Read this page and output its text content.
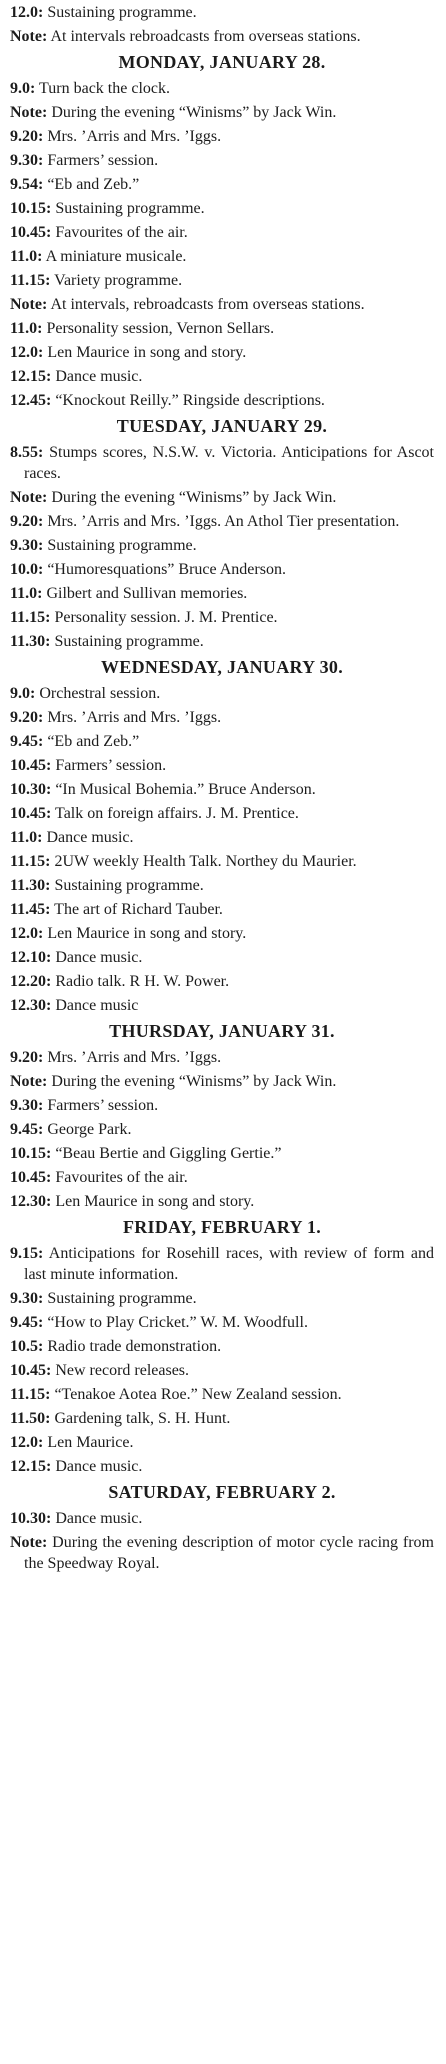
12.0: Sustaining programme.
Note: At intervals rebroadcasts from overseas stations.
MONDAY, JANUARY 28.
9.0: Turn back the clock.
Note: During the evening “Winisms” by Jack Win.
9.20: Mrs. ’Arris and Mrs. ’Iggs.
9.30: Farmers’ session.
9.54: “Eb and Zeb.”
10.15: Sustaining programme.
10.45: Favourites of the air.
11.0: A miniature musicale.
11.15: Variety programme.
Note: At intervals, rebroadcasts from overseas stations.
11.0: Personality session, Vernon Sellars.
12.0: Len Maurice in song and story.
12.15: Dance music.
12.45: “Knockout Reilly.” Ringside descriptions.
TUESDAY, JANUARY 29.
8.55: Stumps scores, N.S.W. v. Victoria. Anticipations for Ascot races.
Note: During the evening “Winisms” by Jack Win.
9.20: Mrs. ’Arris and Mrs. ’Iggs. An Athol Tier presentation.
9.30: Sustaining programme.
10.0: “Humoresquations” Bruce Anderson.
11.0: Gilbert and Sullivan memories.
11.15: Personality session. J. M. Prentice.
11.30: Sustaining programme.
WEDNESDAY, JANUARY 30.
9.0: Orchestral session.
9.20: Mrs. ’Arris and Mrs. ’Iggs.
9.45: “Eb and Zeb.”
10.45: Farmers’ session.
10.30: “In Musical Bohemia.” Bruce Anderson.
10.45: Talk on foreign affairs. J. M. Prentice.
11.0: Dance music.
11.15: 2UW weekly Health Talk. Northey du Maurier.
11.30: Sustaining programme.
11.45: The art of Richard Tauber.
12.0: Len Maurice in song and story.
12.10: Dance music.
12.20: Radio talk. R H. W. Power.
12.30: Dance music
THURSDAY, JANUARY 31.
9.20: Mrs. ’Arris and Mrs. ’Iggs.
Note: During the evening “Winisms” by Jack Win.
9.30: Farmers’ session.
9.45: George Park.
10.15: “Beau Bertie and Giggling Gertie.”
10.45: Favourites of the air.
12.30: Len Maurice in song and story.
FRIDAY, FEBRUARY 1.
9.15: Anticipations for Rosehill races, with review of form and last minute information.
9.30: Sustaining programme.
9.45: “How to Play Cricket.” W. M. Woodfull.
10.5: Radio trade demonstration.
10.45: New record releases.
11.15: “Tenakoe Aotea Roe.” New Zealand session.
11.50: Gardening talk, S. H. Hunt.
12.0: Len Maurice.
12.15: Dance music.
SATURDAY, FEBRUARY 2.
10.30: Dance music.
Note: During the evening description of motor cycle racing from the Speedway Royal.
